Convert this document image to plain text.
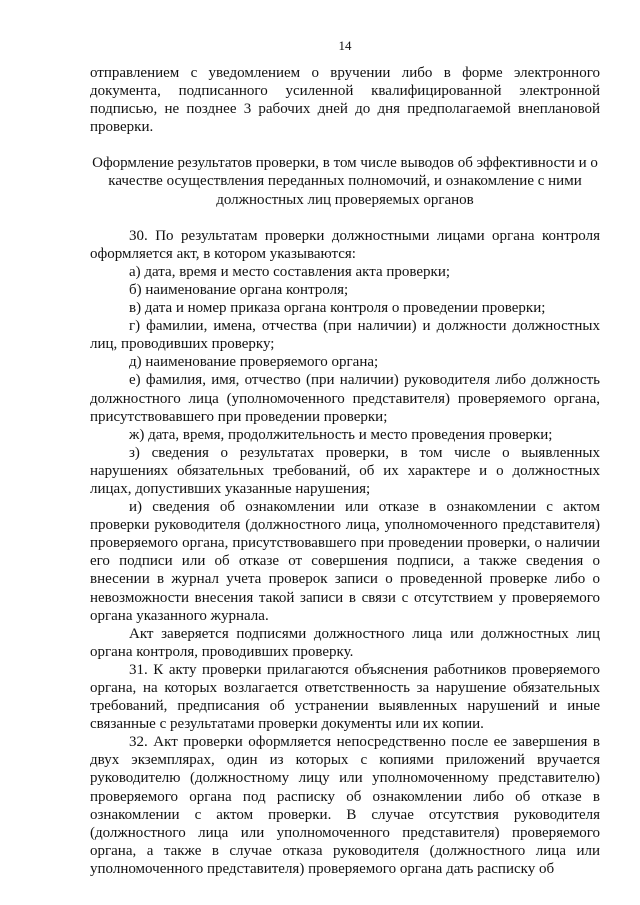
14

отправлением с уведомлением о вручении либо в форме электронного документа, подписанного усиленной квалифицированной электронной подписью, не позднее 3 рабочих дней до дня предполагаемой внеплановой проверки.

Оформление результатов проверки, в том числе выводов об эффективности и о качестве осуществления переданных полномочий, и ознакомление с ними должностных лиц проверяемых органов

30. По результатам проверки должностными лицами органа контроля оформляется акт, в котором указываются:

а) дата, время и место составления акта проверки;

б) наименование органа контроля;

в) дата и номер приказа органа контроля о проведении проверки;

г) фамилии, имена, отчества (при наличии) и должности должностных лиц, проводивших проверку;

д) наименование проверяемого органа;

е) фамилия, имя, отчество (при наличии) руководителя либо должность должностного лица (уполномоченного представителя) проверяемого органа, присутствовавшего при проведении проверки;

ж) дата, время, продолжительность и место проведения проверки;

з) сведения о результатах проверки, в том числе о выявленных нарушениях обязательных требований, об их характере и о должностных лицах, допустивших указанные нарушения;

и) сведения об ознакомлении или отказе в ознакомлении с актом проверки руководителя (должностного лица, уполномоченного представителя) проверяемого органа, присутствовавшего при проведении проверки, о наличии его подписи или об отказе от совершения подписи, а также сведения о внесении в журнал учета проверок записи о проведенной проверке либо о невозможности внесения такой записи в связи с отсутствием у проверяемого органа указанного журнала.

Акт заверяется подписями должностного лица или должностных лиц органа контроля, проводивших проверку.

31. К акту проверки прилагаются объяснения работников проверяемого органа, на которых возлагается ответственность за нарушение обязательных требований, предписания об устранении выявленных нарушений и иные связанные с результатами проверки документы или их копии.

32. Акт проверки оформляется непосредственно после ее завершения в двух экземплярах, один из которых с копиями приложений вручается руководителю (должностному лицу или уполномоченному представителю) проверяемого органа под расписку об ознакомлении либо об отказе в ознакомлении с актом проверки. В случае отсутствия руководителя (должностного лица или уполномоченного представителя) проверяемого органа, а также в случае отказа руководителя (должностного лица или уполномоченного представителя) проверяемого органа дать расписку об
